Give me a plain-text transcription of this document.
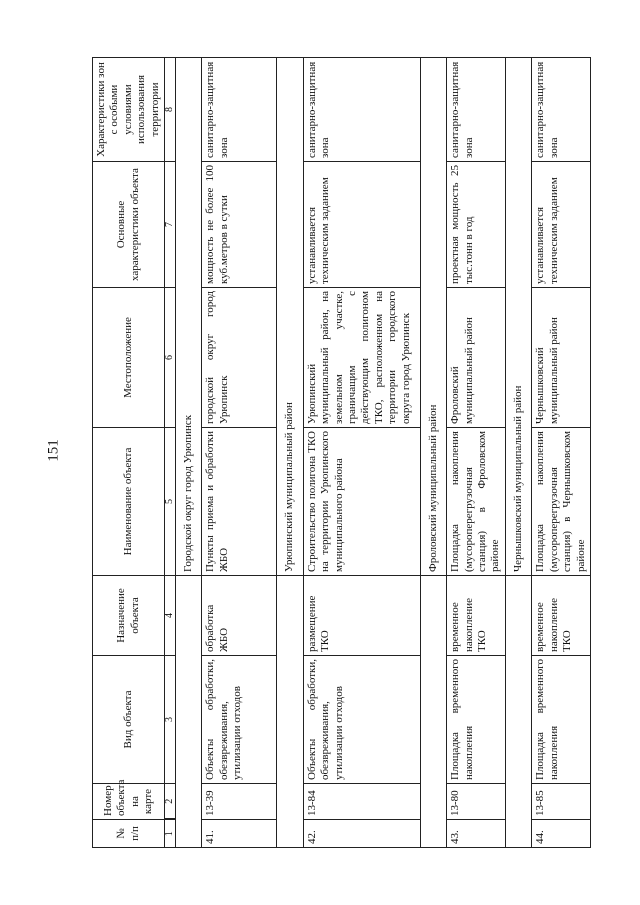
151
№ п/п	Номер объекта на карте	Вид объекта	Назначение объекта	Наименование объекта	Местоположение	Основные характеристики объекта	Характеристики зон с особыми условиями использования территории
1	2	3	4	5	6	7	8
				Городской округ город Урюпинск			
41.	13-39	Объекты обработки, обезвреживания, утилизации отходов	обработка ЖБО	Пункты приема и обработки ЖБО	городской округ город Урюпинск	мощность не более 100 куб.метров в сутки	санитарно-защитная зона
				Урюпинский муниципальный район			
42.	13-84	Объекты обработки, обезвреживания, утилизации отходов	размещение ТКО	Строительство полигона ТКО на территории Урюпинского муниципального района	Урюпинский муниципальный район, на земельном участке, граничащим с действующим полигоном ТКО, расположенном на территории городского округа город Урюпинск	устанавливается техническим заданием	санитарно-защитная зона
				Фроловский муниципальный район			
43.	13-80	Площадка временного накопления	временное накопление ТКО	Площадка накопления (мусороперегрузочная станция) в Фроловском районе	Фроловский муниципальный район	проектная мощность 25 тыс.тонн в год	санитарно-защитная зона
				Чернышковский муниципальный район			
44.	13-85	Площадка временного накопления	временное накопление ТКО	Площадка накопления (мусороперегрузочная станция) в Чернышковском районе	Чернышковский муниципальный район	устанавливается техническим заданием	санитарно-защитная зона
